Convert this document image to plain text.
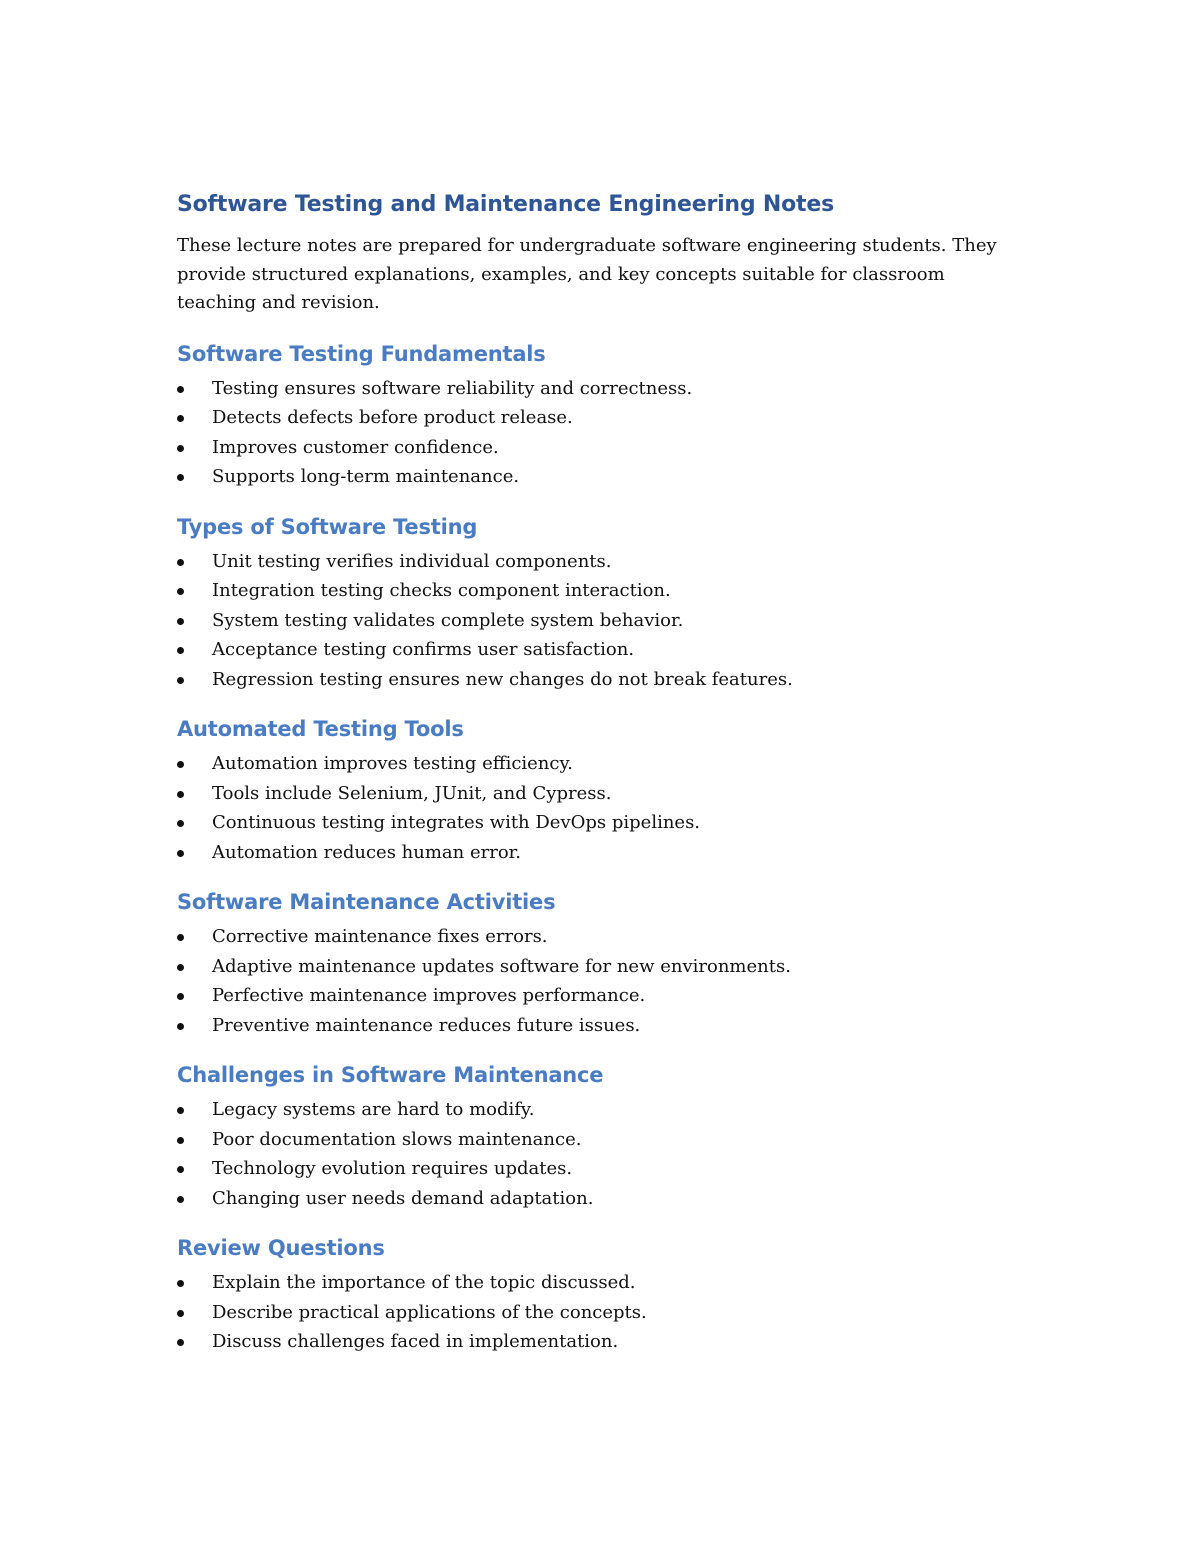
Software Testing and Maintenance Engineering Notes

These lecture notes are prepared for undergraduate software engineering students. They provide structured explanations, examples, and key concepts suitable for classroom teaching and revision.

Software Testing Fundamentals
Testing ensures software reliability and correctness.
Detects defects before product release.
Improves customer confidence.
Supports long-term maintenance.
Types of Software Testing
Unit testing verifies individual components.
Integration testing checks component interaction.
System testing validates complete system behavior.
Acceptance testing confirms user satisfaction.
Regression testing ensures new changes do not break features.
Automated Testing Tools
Automation improves testing efficiency.
Tools include Selenium, JUnit, and Cypress.
Continuous testing integrates with DevOps pipelines.
Automation reduces human error.
Software Maintenance Activities
Corrective maintenance fixes errors.
Adaptive maintenance updates software for new environments.
Perfective maintenance improves performance.
Preventive maintenance reduces future issues.
Challenges in Software Maintenance
Legacy systems are hard to modify.
Poor documentation slows maintenance.
Technology evolution requires updates.
Changing user needs demand adaptation.
Review Questions
Explain the importance of the topic discussed.
Describe practical applications of the concepts.
Discuss challenges faced in implementation.
